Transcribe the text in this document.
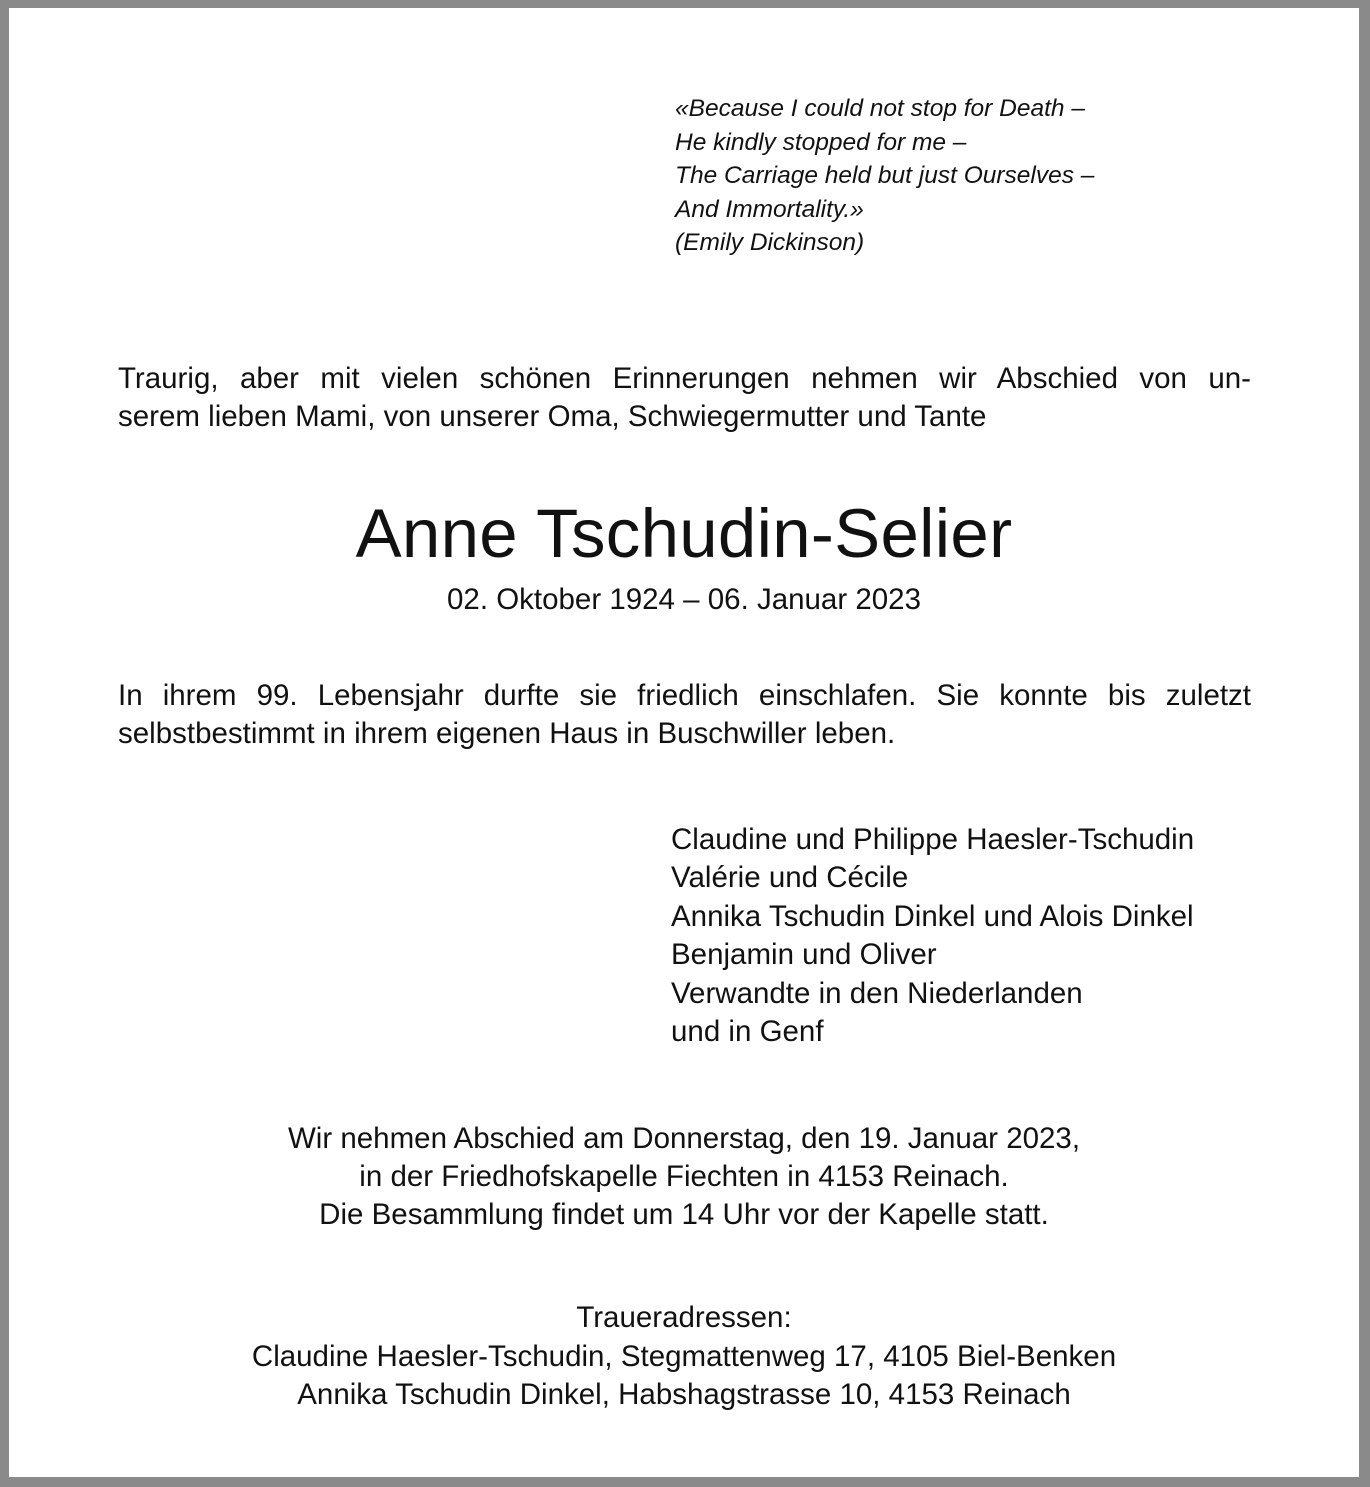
«Because I could not stop for Death –
He kindly stopped for me –
The Carriage held but just Ourselves –
And Immortality.»
(Emily Dickinson)

Traurig, aber mit vielen schönen Erinnerungen nehmen wir Abschied von un-
serem lieben Mami, von unserer Oma, Schwiegermutter und Tante

Anne Tschudin-Selier
02. Oktober 1924 – 06. Januar 2023

In ihrem 99. Lebensjahr durfte sie friedlich einschlafen. Sie konnte bis zuletzt
selbstbestimmt in ihrem eigenen Haus in Buschwiller leben.

Claudine und Philippe Haesler-Tschudin
Valérie und Cécile
Annika Tschudin Dinkel und Alois Dinkel
Benjamin und Oliver
Verwandte in den Niederlanden
und in Genf
Wir nehmen Abschied am Donnerstag, den 19. Januar 2023,
in der Friedhofskapelle Fiechten in 4153 Reinach.
Die Besammlung findet um 14 Uhr vor der Kapelle statt.
Traueradressen:
Claudine Haesler-Tschudin, Stegmattenweg 17, 4105 Biel-Benken
Annika Tschudin Dinkel, Habshagstrasse 10, 4153 Reinach
